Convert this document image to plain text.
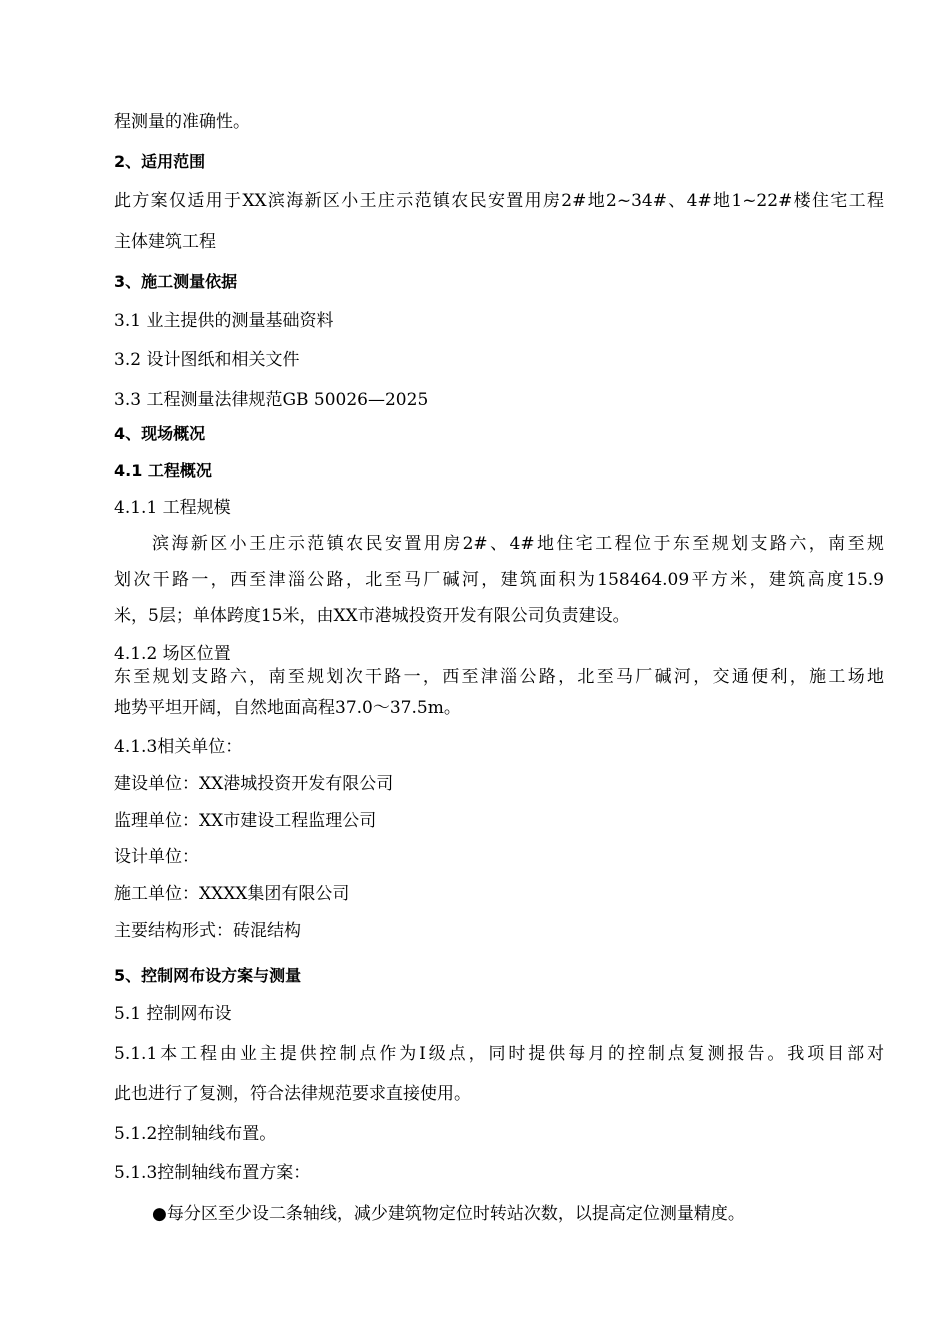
程测量的准确性。
2、适用范围
此方案仅适用于XX滨海新区小王庄示范镇农民安置用房2#地2~34#、4#地1~22#楼住宅工程
主体建筑工程
3、施工测量依据
3.1 业主提供的测量基础资料
3.2 设计图纸和相关文件
3.3 工程测量法律规范GB 50026—2025
4、现场概况
4.1 工程概况
4.1.1 工程规模
滨海新区小王庄示范镇农民安置用房2#、4#地住宅工程位于东至规划支路六，南至规
划次干路一，西至津淄公路，北至马厂碱河，建筑面积为158464.09平方米，建筑高度15.9
米，5层；单体跨度15米，由XX市港城投资开发有限公司负责建设。
4.1.2 场区位置
东至规划支路六，南至规划次干路一，西至津淄公路，北至马厂碱河，交通便利，施工场地
地势平坦开阔，自然地面高程37.0～37.5m。
4.1.3相关单位：
建设单位：XX港城投资开发有限公司
监理单位：XX市建设工程监理公司
设计单位：
施工单位：XXXX集团有限公司
主要结构形式：砖混结构
5、控制网布设方案与测量
5.1 控制网布设
5.1.1本工程由业主提供控制点作为Ⅰ级点，同时提供每月的控制点复测报告。我项目部对
此也进行了复测，符合法律规范要求直接使用。
5.1.2控制轴线布置。
5.1.3控制轴线布置方案：
●每分区至少设二条轴线，减少建筑物定位时转站次数，以提高定位测量精度。
